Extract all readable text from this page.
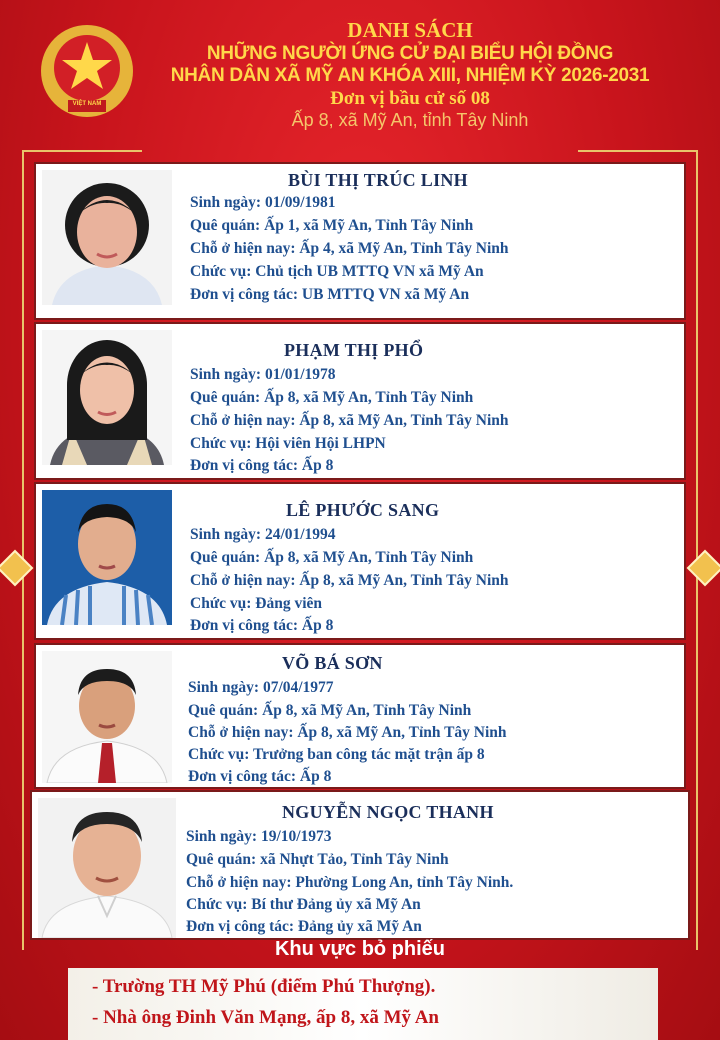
VIỆT NAM
DANH SÁCH
NHỮNG NGƯỜI ỨNG CỬ ĐẠI BIỂU HỘI ĐỒNG
NHÂN DÂN XÃ MỸ AN KHÓA XIII, NHIỆM KỲ 2026-2031
Đơn vị bầu cử số 08
Ấp 8, xã Mỹ An, tỉnh Tây Ninh
BÙI THỊ TRÚC LINH
Sinh ngày: 01/09/1981
Quê quán: Ấp 1, xã Mỹ An, Tỉnh Tây Ninh
Chỗ ở hiện nay: Ấp 4, xã Mỹ An, Tỉnh Tây Ninh
Chức vụ: Chủ tịch UB MTTQ VN xã Mỹ An
Đơn vị công tác: UB MTTQ VN xã Mỹ An
PHẠM THỊ PHỔ
Sinh ngày: 01/01/1978
Quê quán: Ấp 8, xã Mỹ An, Tỉnh Tây Ninh
Chỗ ở hiện nay: Ấp 8, xã Mỹ An, Tỉnh Tây Ninh
Chức vụ: Hội viên Hội LHPN
Đơn vị công tác: Ấp 8
LÊ PHƯỚC SANG
Sinh ngày: 24/01/1994
Quê quán: Ấp 8, xã Mỹ An, Tỉnh Tây Ninh
Chỗ ở hiện nay: Ấp 8, xã Mỹ An, Tỉnh Tây Ninh
Chức vụ: Đảng viên
Đơn vị công tác: Ấp 8
VÕ BÁ SƠN
Sinh ngày: 07/04/1977
Quê quán: Ấp 8, xã Mỹ An, Tỉnh Tây Ninh
Chỗ ở hiện nay: Ấp 8, xã Mỹ An, Tỉnh Tây Ninh
Chức vụ: Trưởng ban công tác mặt trận ấp 8
Đơn vị công tác: Ấp 8
NGUYỄN NGỌC THANH
Sinh ngày: 19/10/1973
Quê quán: xã Nhựt Tảo, Tỉnh Tây Ninh
Chỗ ở hiện nay: Phường Long An, tỉnh Tây Ninh.
Chức vụ: Bí thư Đảng ủy xã Mỹ An
Đơn vị công tác: Đảng ủy xã Mỹ An
Khu vực bỏ phiếu
- Trường TH Mỹ Phú (điểm Phú Thượng).
- Nhà ông Đinh Văn Mạng, ấp 8, xã Mỹ An
